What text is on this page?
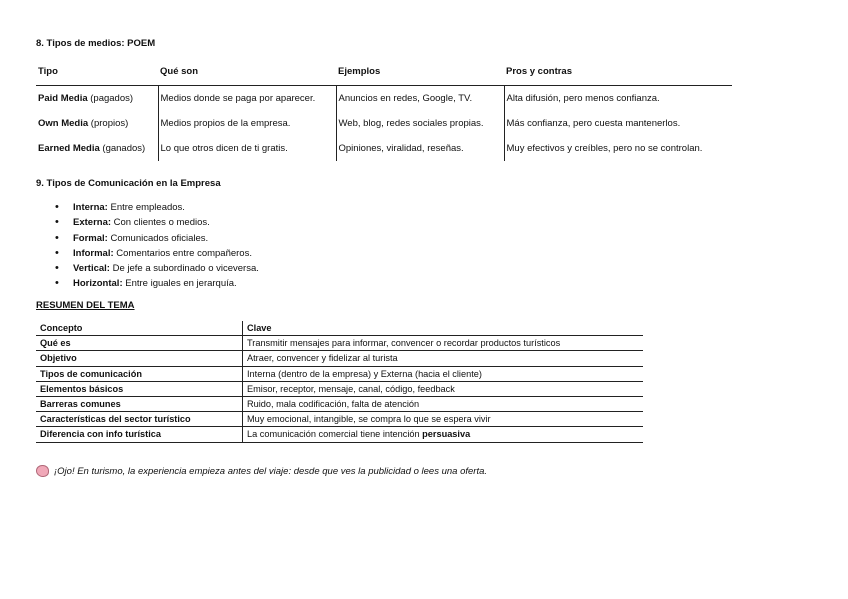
8. Tipos de medios: POEM
Tipo	Qué son	Ejemplos	Pros y contras
Paid Media (pagados)	Medios donde se paga por aparecer.	Anuncios en redes, Google, TV.	Alta difusión, pero menos confianza.
Own Media (propios)	Medios propios de la empresa.	Web, blog, redes sociales propias.	Más confianza, pero cuesta mantenerlos.
Earned Media (ganados)	Lo que otros dicen de ti gratis.	Opiniones, viralidad, reseñas.	Muy efectivos y creíbles, pero no se controlan.
9. Tipos de Comunicación en la Empresa
• Interna: Entre empleados.
• Externa: Con clientes o medios.
• Formal: Comunicados oficiales.
• Informal: Comentarios entre compañeros.
• Vertical: De jefe a subordinado o viceversa.
• Horizontal: Entre iguales en jerarquía.
RESUMEN DEL TEMA
Concepto	Clave
Qué es	Transmitir mensajes para informar, convencer o recordar productos turísticos
Objetivo	Atraer, convencer y fidelizar al turista
Tipos de comunicación	Interna (dentro de la empresa) y Externa (hacia el cliente)
Elementos básicos	Emisor, receptor, mensaje, canal, código, feedback
Barreras comunes	Ruido, mala codificación, falta de atención
Características del sector turístico	Muy emocional, intangible, se compra lo que se espera vivir
Diferencia con info turística	La comunicación comercial tiene intención persuasiva
¡Ojo! En turismo, la experiencia empieza antes del viaje: desde que ves la publicidad o lees una oferta.
